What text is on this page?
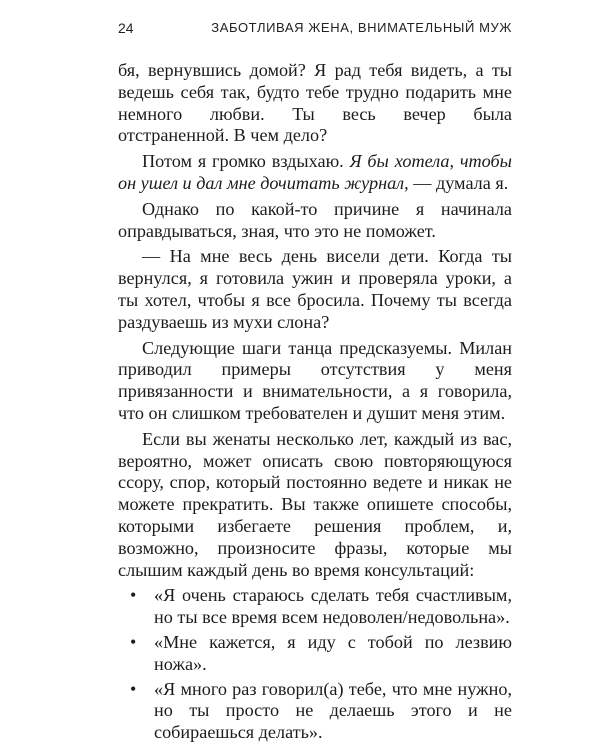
24	ЗАБОТЛИВАЯ ЖЕНА, ВНИМАТЕЛЬНЫЙ МУЖ

бя, вернувшись домой? Я рад тебя видеть, а ты ведешь себя так, будто тебе трудно подарить мне немного любви. Ты весь вечер была отстраненной. В чем дело?

Потом я громко вздыхаю. Я бы хотела, чтобы он ушел и дал мне дочитать журнал, — думала я.

Однако по какой-то причине я начинала оправдываться, зная, что это не поможет.

— На мне весь день висели дети. Когда ты вернулся, я готовила ужин и проверяла уроки, а ты хотел, чтобы я все бросила. Почему ты всегда раздуваешь из мухи слона?

Следующие шаги танца предсказуемы. Милан приводил примеры отсутствия у меня привязанности и внимательности, а я говорила, что он слишком требователен и душит меня этим.

Если вы женаты несколько лет, каждый из вас, вероятно, может описать свою повторяющуюся ссору, спор, который постоянно ведете и никак не можете прекратить. Вы также опишете способы, которыми избегаете решения проблем, и, возможно, произносите фразы, которые мы слышим каждый день во время консультаций:

• «Я очень стараюсь сделать тебя счастливым, но ты все время всем недоволен/недовольна».
• «Мне кажется, я иду с тобой по лезвию ножа».
• «Я много раз говорил(а) тебе, что мне нужно, но ты просто не делаешь этого и не собираешься делать».
